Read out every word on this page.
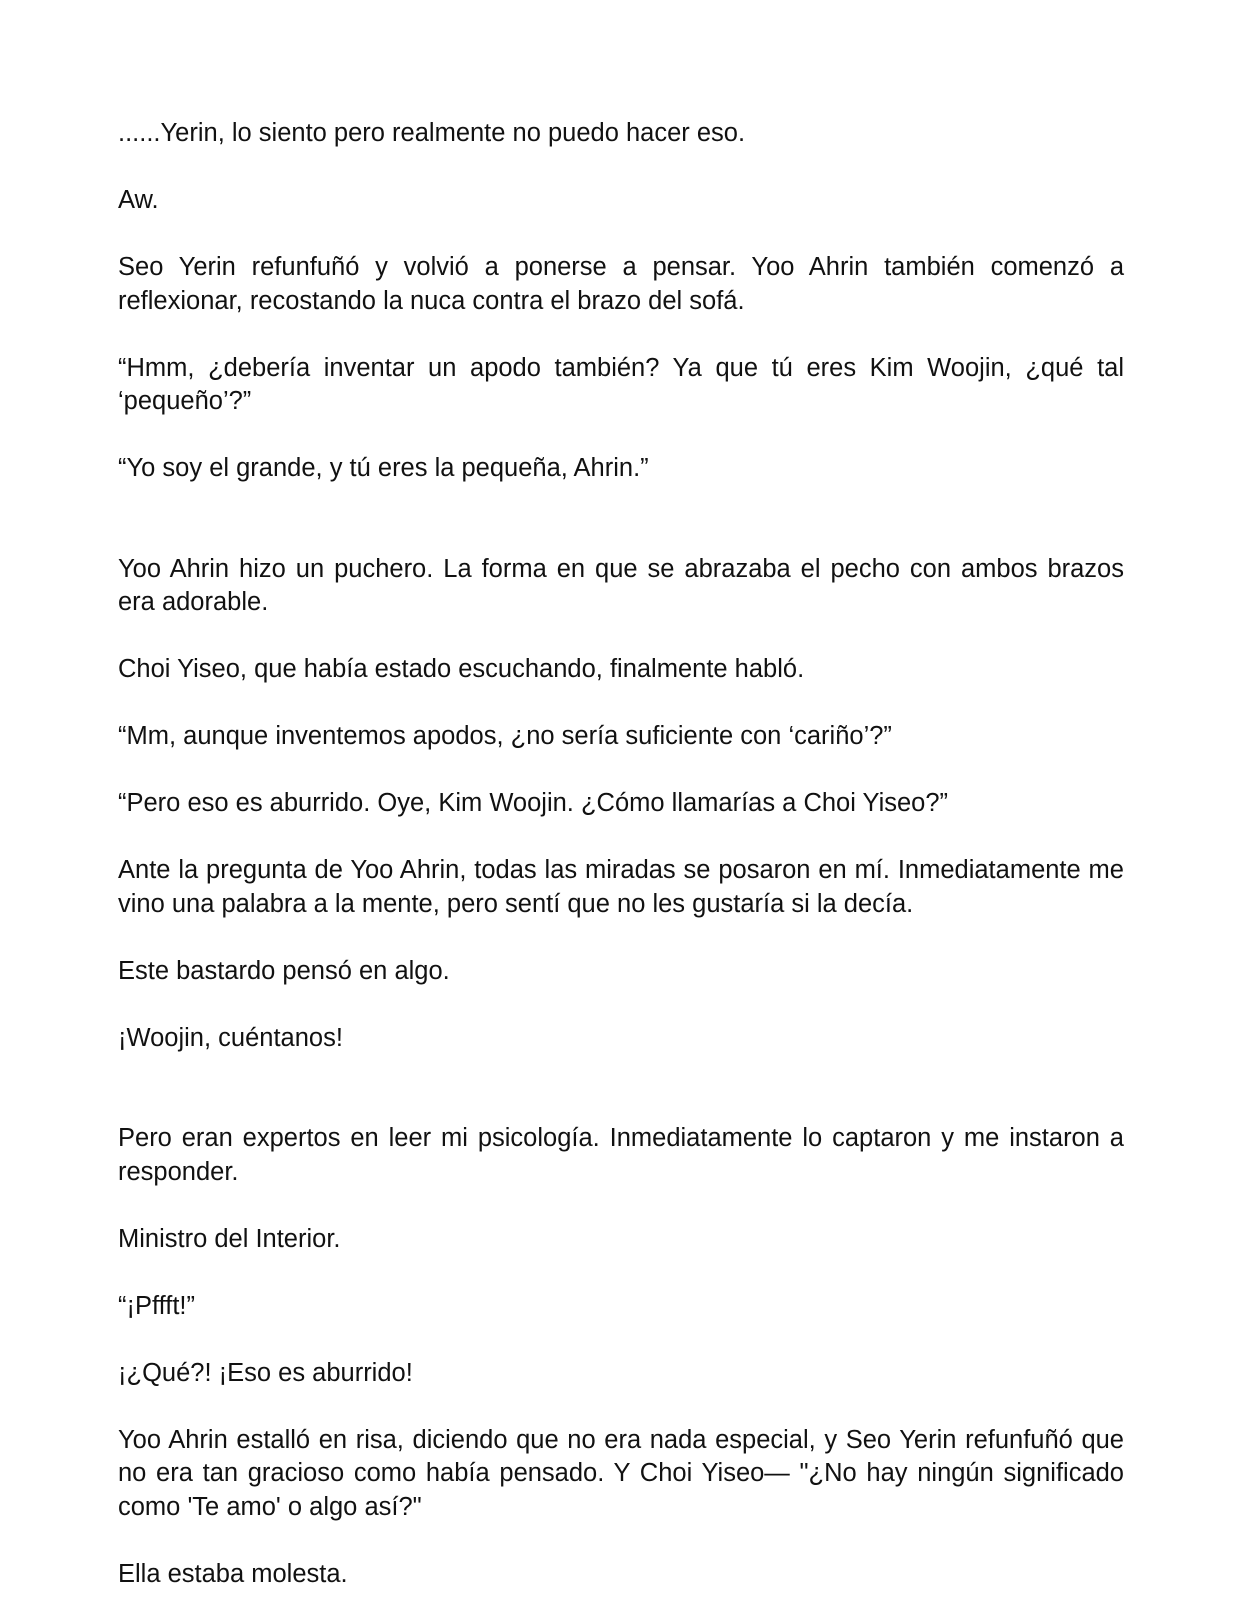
......Yerin, lo siento pero realmente no puedo hacer eso.

Aw.

Seo Yerin refunfuñó y volvió a ponerse a pensar. Yoo Ahrin también comenzó a reflexionar, recostando la nuca contra el brazo del sofá.

“Hmm, ¿debería inventar un apodo también? Ya que tú eres Kim Woojin, ¿qué tal ‘pequeño’?”

“Yo soy el grande, y tú eres la pequeña, Ahrin.”

Yoo Ahrin hizo un puchero. La forma en que se abrazaba el pecho con ambos brazos era adorable.

Choi Yiseo, que había estado escuchando, finalmente habló.

“Mm, aunque inventemos apodos, ¿no sería suficiente con ‘cariño’?”

“Pero eso es aburrido. Oye, Kim Woojin. ¿Cómo llamarías a Choi Yiseo?”

Ante la pregunta de Yoo Ahrin, todas las miradas se posaron en mí. Inmediatamente me vino una palabra a la mente, pero sentí que no les gustaría si la decía.

Este bastardo pensó en algo.

¡Woojin, cuéntanos!

Pero eran expertos en leer mi psicología. Inmediatamente lo captaron y me instaron a responder.

Ministro del Interior.

“¡Pffft!”

¡¿Qué?! ¡Eso es aburrido!

Yoo Ahrin estalló en risa, diciendo que no era nada especial, y Seo Yerin refunfuñó que no era tan gracioso como había pensado. Y Choi Yiseo— "¿No hay ningún significado como 'Te amo' o algo así?"

Ella estaba molesta.
